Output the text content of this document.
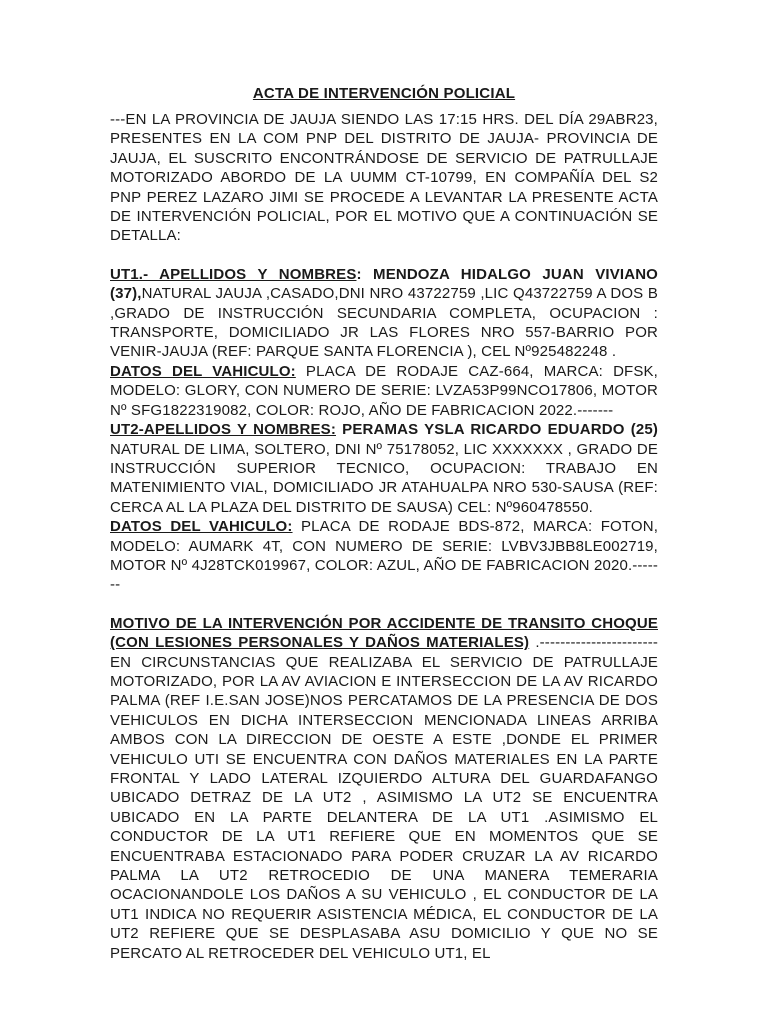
ACTA DE INTERVENCIÓN POLICIAL

---EN LA PROVINCIA DE JAUJA SIENDO LAS 17:15 HRS. DEL DÍA 29ABR23, PRESENTES EN LA COM PNP DEL DISTRITO DE JAUJA- PROVINCIA DE JAUJA, EL SUSCRITO ENCONTRÁNDOSE DE SERVICIO DE PATRULLAJE MOTORIZADO ABORDO DE LA UUMM CT-10799, EN COMPAÑÍA DEL S2 PNP PEREZ LAZARO JIMI SE PROCEDE A LEVANTAR LA PRESENTE ACTA DE INTERVENCIÓN POLICIAL, POR EL MOTIVO QUE A CONTINUACIÓN SE DETALLA:

UT1.- APELLIDOS Y NOMBRES: MENDOZA HIDALGO JUAN VIVIANO (37),NATURAL JAUJA ,CASADO,DNI NRO 43722759 ,LIC Q43722759 A DOS B ,GRADO DE INSTRUCCIÓN SECUNDARIA COMPLETA, OCUPACION : TRANSPORTE, DOMICILIADO JR LAS FLORES NRO 557-BARRIO POR VENIR-JAUJA (REF: PARQUE SANTA FLORENCIA ), CEL Nº925482248 .

DATOS DEL VAHICULO: PLACA DE RODAJE CAZ-664, MARCA: DFSK, MODELO: GLORY, CON NUMERO DE SERIE: LVZA53P99NCO17806, MOTOR Nº SFG1822319082, COLOR: ROJO, AÑO DE FABRICACION 2022.-------

UT2-APELLIDOS Y NOMBRES: PERAMAS YSLA RICARDO EDUARDO (25) NATURAL DE LIMA, SOLTERO, DNI Nº 75178052, LIC XXXXXXX , GRADO DE INSTRUCCIÓN SUPERIOR TECNICO, OCUPACION: TRABAJO EN MATENIMIENTO VIAL, DOMICILIADO JR ATAHUALPA NRO 530-SAUSA (REF: CERCA AL LA PLAZA DEL DISTRITO DE SAUSA) CEL: Nº960478550.

DATOS DEL VAHICULO: PLACA DE RODAJE BDS-872, MARCA: FOTON, MODELO: AUMARK 4T, CON NUMERO DE SERIE: LVBV3JBB8LE002719, MOTOR Nº 4J28TCK019967, COLOR: AZUL, AÑO DE FABRICACION 2020.-------

MOTIVO DE LA INTERVENCIÓN POR ACCIDENTE DE TRANSITO CHOQUE (CON LESIONES PERSONALES Y DAÑOS MATERIALES) .----------------------- EN CIRCUNSTANCIAS QUE REALIZABA EL SERVICIO DE PATRULLAJE MOTORIZADO, POR LA AV AVIACION E INTERSECCION DE LA AV RICARDO PALMA (REF I.E.SAN JOSE)NOS PERCATAMOS DE LA PRESENCIA DE DOS VEHICULOS EN DICHA INTERSECCION MENCIONADA LINEAS ARRIBA AMBOS CON LA DIRECCION DE OESTE A ESTE ,DONDE EL PRIMER VEHICULO UTI SE ENCUENTRA CON DAÑOS MATERIALES EN LA PARTE FRONTAL Y LADO LATERAL IZQUIERDO ALTURA DEL GUARDAFANGO UBICADO DETRAZ DE LA UT2 , ASIMISMO LA UT2 SE ENCUENTRA UBICADO EN LA PARTE DELANTERA DE LA UT1 .ASIMISMO EL CONDUCTOR DE LA UT1 REFIERE QUE EN MOMENTOS QUE SE ENCUENTRABA ESTACIONADO PARA PODER CRUZAR LA AV RICARDO PALMA LA UT2 RETROCEDIO DE UNA MANERA TEMERARIA OCACIONANDOLE LOS DAÑOS A SU VEHICULO , EL CONDUCTOR DE LA UT1 INDICA NO REQUERIR ASISTENCIA MÉDICA, EL CONDUCTOR DE LA UT2 REFIERE QUE SE DESPLASABA ASU DOMICILIO Y QUE NO SE PERCATO AL RETROCEDER DEL VEHICULO UT1, EL
